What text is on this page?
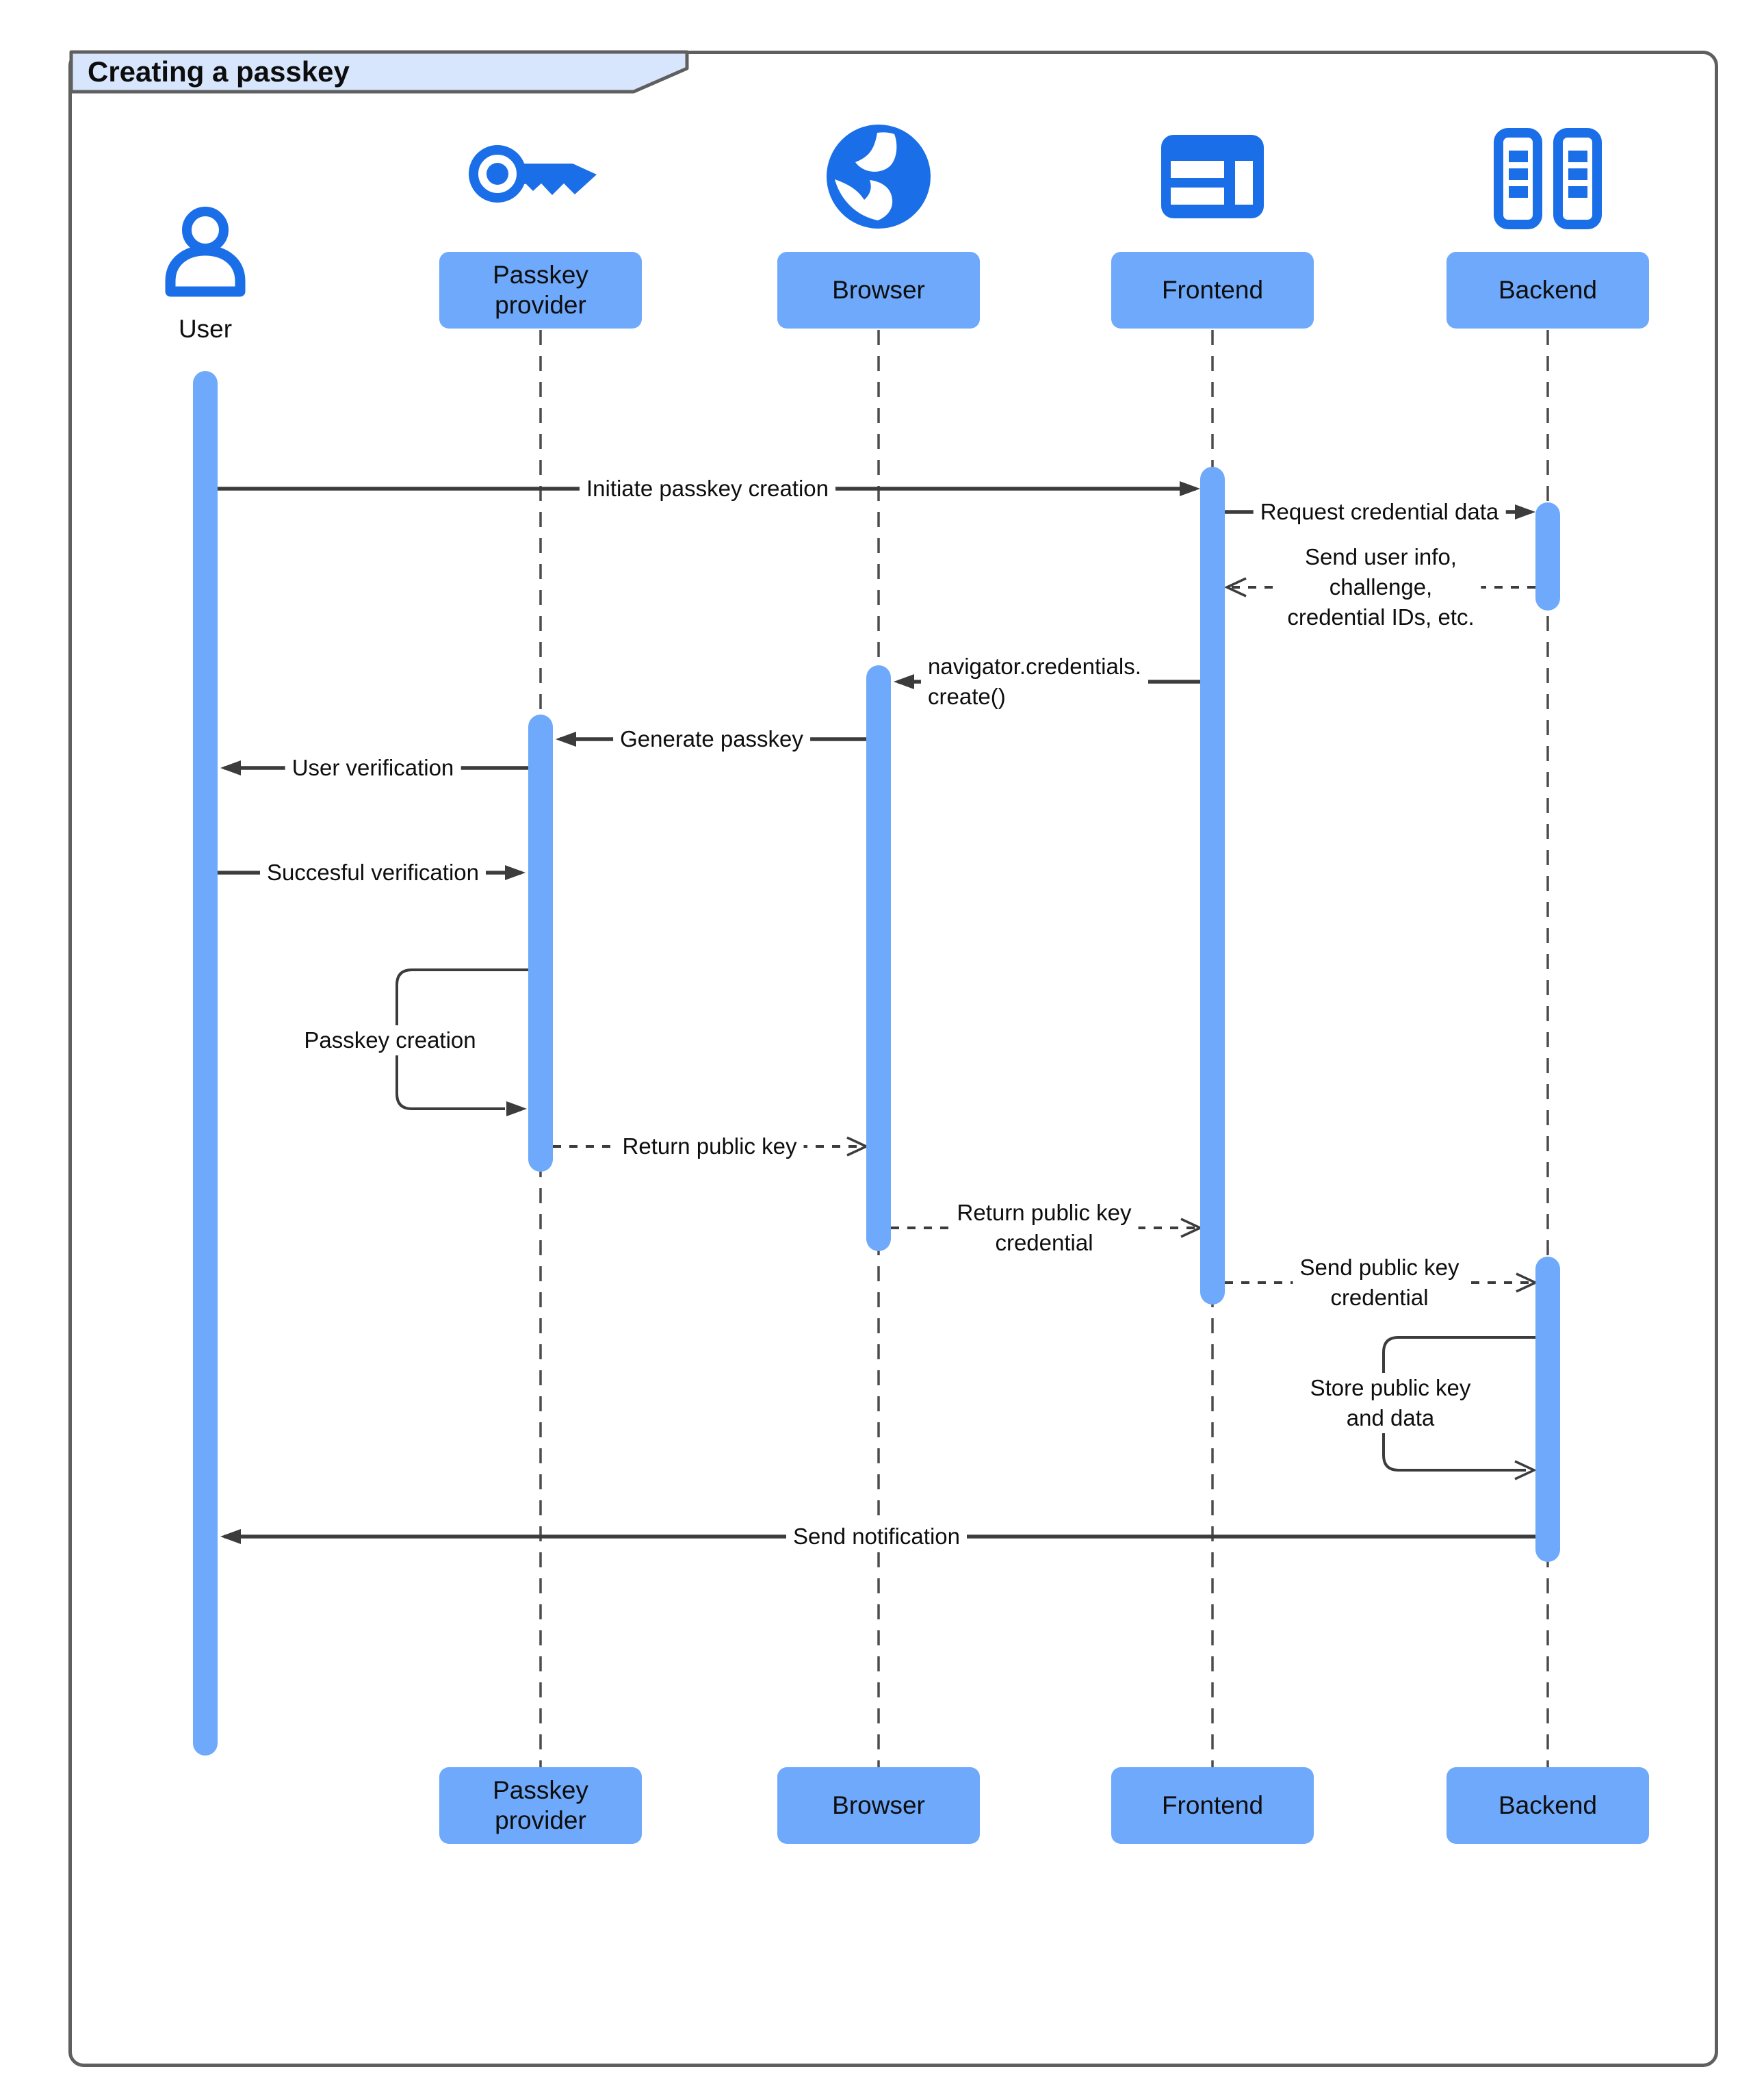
Creating a passkey
User
Passkey provider
Browser	Frontend	Backend
Passkey provider
Browser	Frontend	Backend
Initiate passkey creation
Request credential data
Send user info,
challenge,
credential IDs, etc.
navigator.credentials.
create()
Generate passkey
User verification
Succesful verification
Passkey creation
Return public key
Return public key
credential
Send public key
credential
Store public key
and data
Send notification
